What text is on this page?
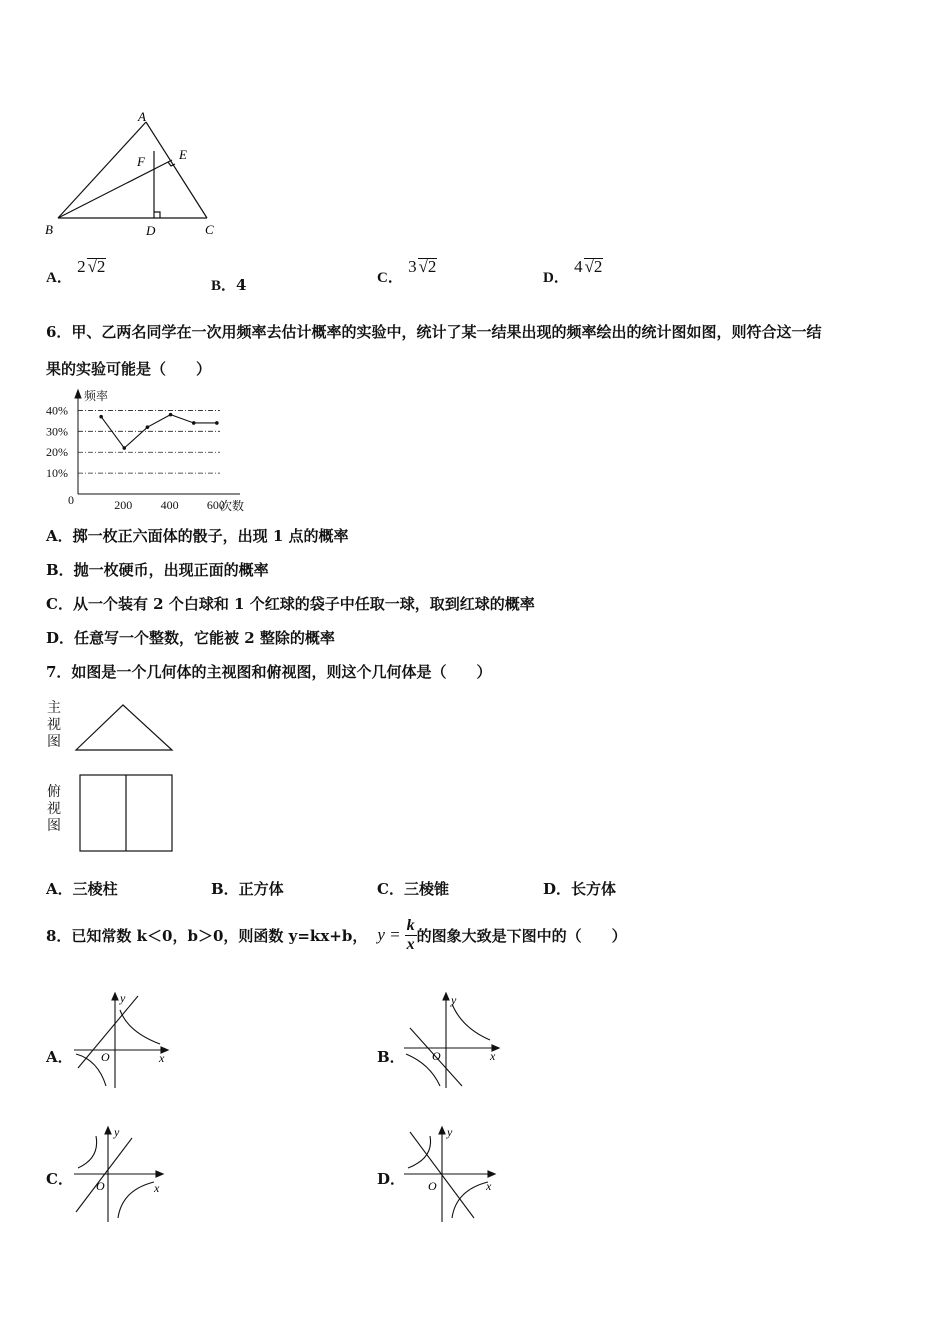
A
B	C
D
E
F
A． 2 √2
B．4	C． 3 √2
D． 4 √2
6．甲、乙两名同学在一次用频率去估计概率的实验中，统计了某一结果出现的频率绘出的统计图如图，则符合这一结
果的实验可能是（　　）
40%
30%
20%
10%
200 400 600
0
频率
次数
A．掷一枚正六面体的骰子，出现 1 点的概率
B．抛一枚硬币，出现正面的概率
C．从一个装有 2 个白球和 1 个红球的袋子中任取一球，取到红球的概率
D．任意写一个整数，它能被 2 整除的概率
7．如图是一个几何体的主视图和俯视图，则这个几何体是（　　）
主
视
图
俯
视
图
A．三棱柱	B．正方体	C．三棱锥	D．长方体
8．已知常数 k＜0，b＞0，则函数 y=kx+b， $y = \frac{k}{x}$ 的图象大致是下图中的（　　）
A．
y
x
O	B．
y
x
O
C．
y
x
O	D．
y
x
O
